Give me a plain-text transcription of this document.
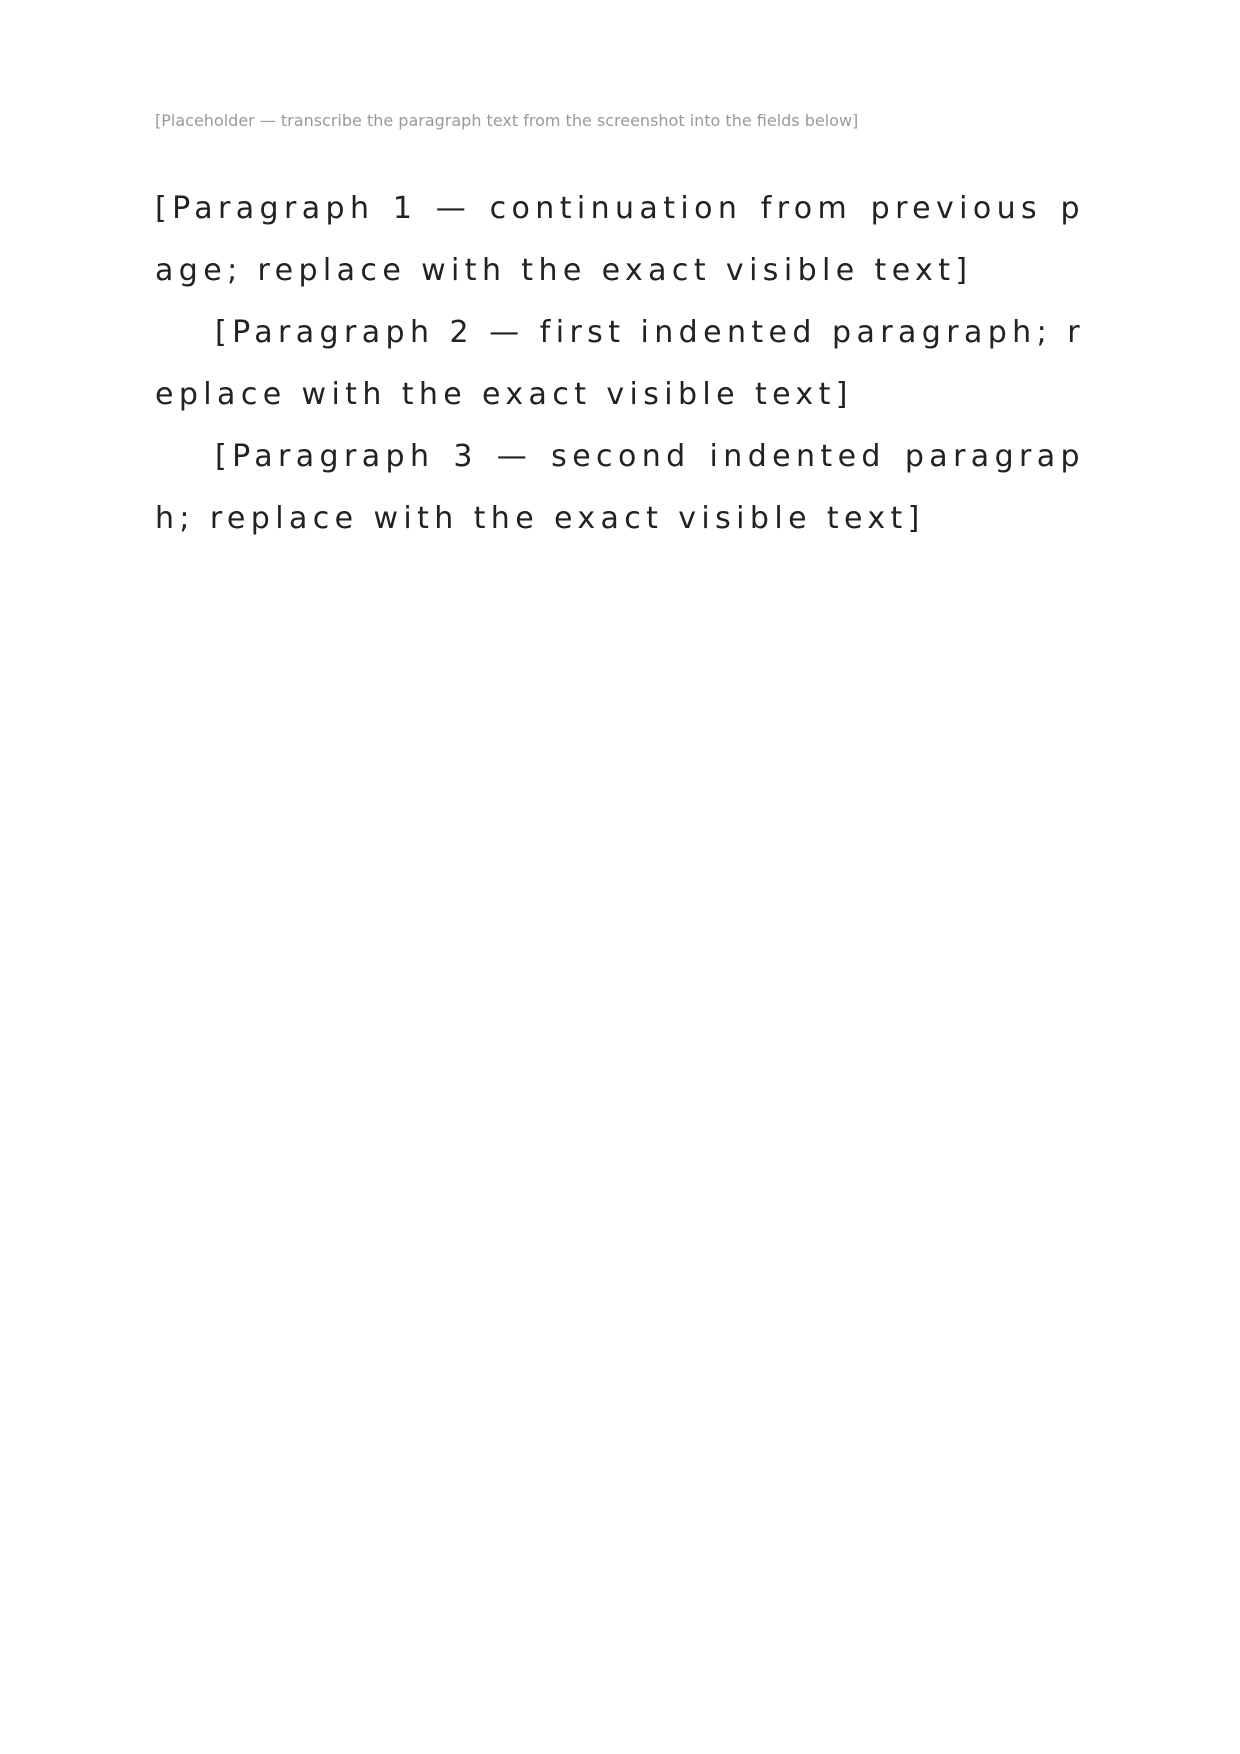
[Placeholder — transcribe the paragraph text from the screenshot into the fields below]

[Paragraph 1 — continuation from previous page; replace with the exact visible text]

[Paragraph 2 — first indented paragraph; replace with the exact visible text]

[Paragraph 3 — second indented paragraph; replace with the exact visible text]
